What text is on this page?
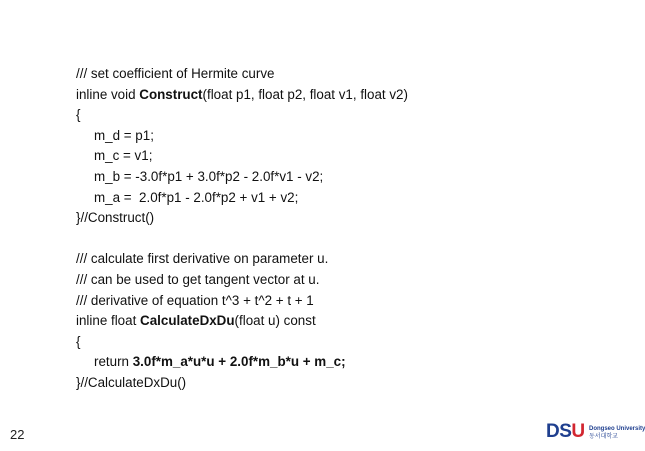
/// set coefficient of Hermite curve
inline void Construct(float p1, float p2, float v1, float v2)
{
m_d = p1;
m_c = v1;
m_b = -3.0f*p1 + 3.0f*p2 - 2.0f*v1 - v2;
m_a =  2.0f*p1 - 2.0f*p2 + v1 + v2;
}//Construct()
/// calculate first derivative on parameter u.
/// can be used to get tangent vector at u.
/// derivative of equation t^3 + t^2 + t + 1
inline float CalculateDxDu(float u) const
{
return 3.0f*m_a*u*u + 2.0f*m_b*u + m_c;
}//CalculateDxDu()
22	DSU Dongseo University
동서대학교
